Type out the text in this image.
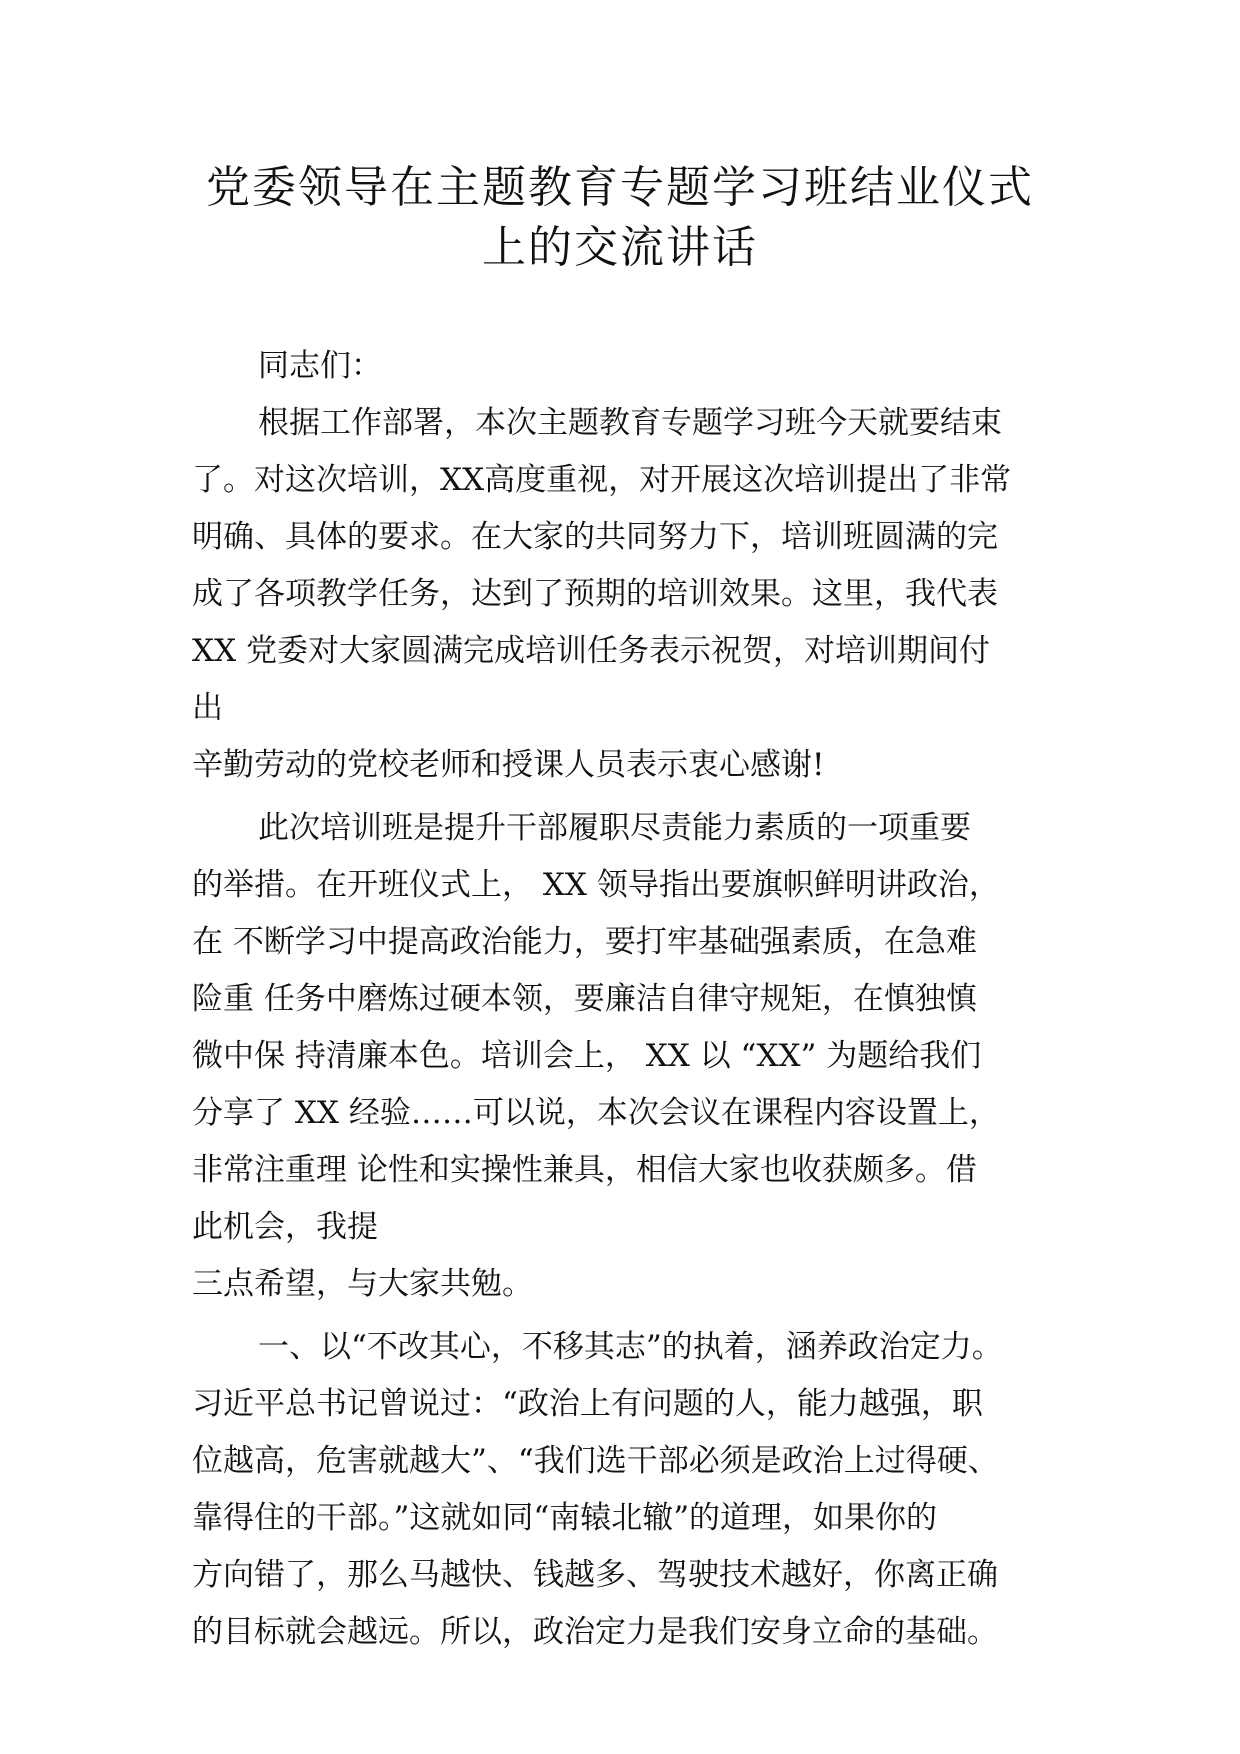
党委领导在主题教育专题学习班结业仪式
上的交流讲话
同志们：
根据工作部署，本次主题教育专题学习班今天就要结束
了。对这次培训，XX高度重视，对开展这次培训提出了非常
明确、具体的要求。在大家的共同努力下，培训班圆满的完
成了各项教学任务，达到了预期的培训效果。这里，我代表
XX 党委对大家圆满完成培训任务表示祝贺，对培训期间付
出
辛勤劳动的党校老师和授课人员表示衷心感谢!
此次培训班是提升干部履职尽责能力素质的一项重要
的举措。在开班仪式上， XX 领导指出要旗帜鲜明讲政治，
在 不断学习中提高政治能力，要打牢基础强素质，在急难
险重 任务中磨炼过硬本领，要廉洁自律守规矩，在慎独慎
微中保 持清廉本色。培训会上， XX 以 “XX” 为题给我们
分享了 XX 经验……可以说，本次会议在课程内容设置上，
非常注重理 论性和实操性兼具，相信大家也收获颇多。借
此机会，我提
三点希望，与大家共勉。
一、以“不改其心，不移其志”的执着，涵养政治定力。
习近平总书记曾说过：“政治上有问题的人，能力越强，职
位越高，危害就越大”、“我们选干部必须是政治上过得硬、
靠得住的干部。”这就如同“南辕北辙”的道理，如果你的
方向错了，那么马越快、钱越多、驾驶技术越好，你离正确
的目标就会越远。所以，政治定力是我们安身立命的基础。
